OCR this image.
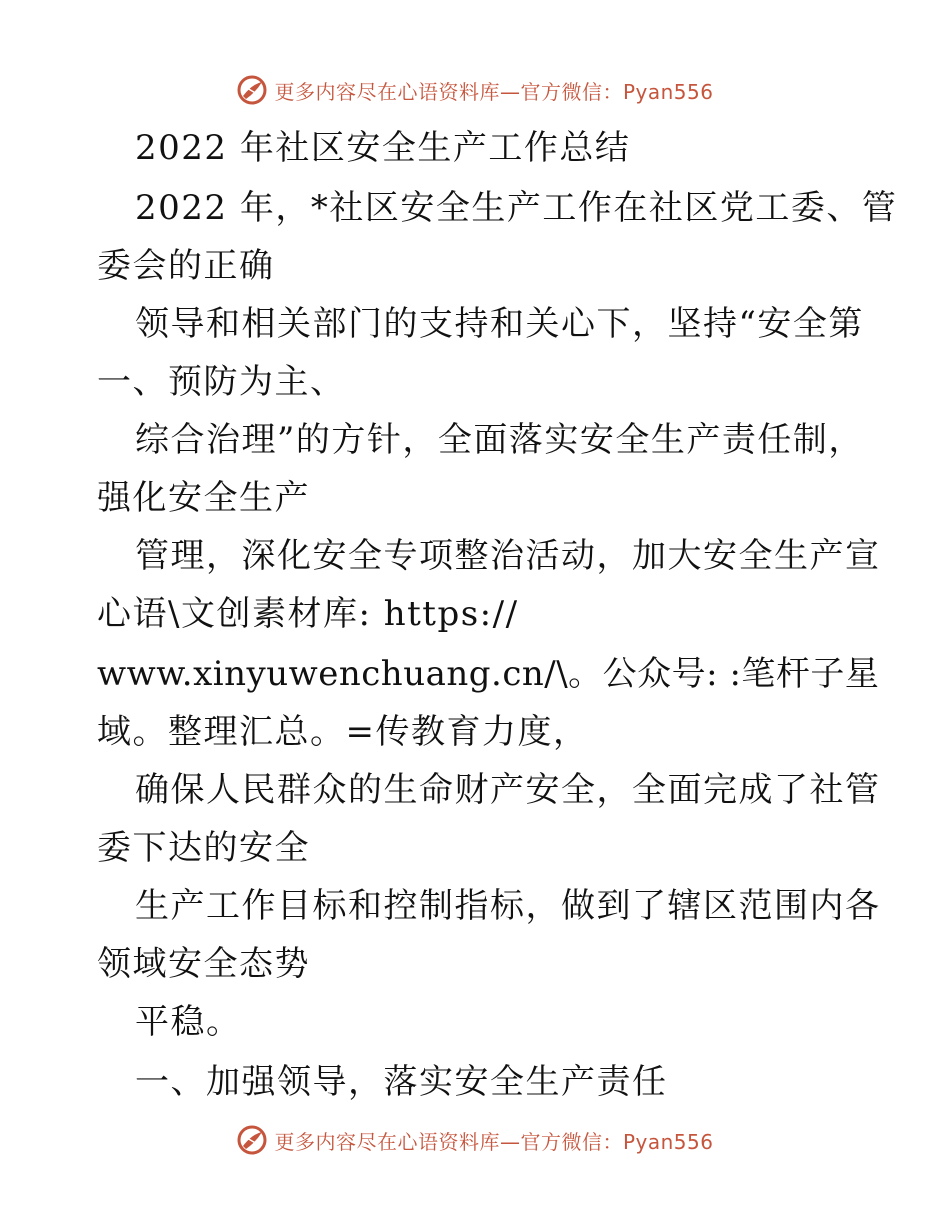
更多内容尽在心语资料库—官方微信：Pyan556
2022 年社区安全生产工作总结
2022 年，*社区安全生产工作在社区党工委、管
委会的正确
领导和相关部门的支持和关心下，坚持“安全第
一、预防为主、
综合治理”的方针，全面落实安全生产责任制，
强化安全生产
管理，深化安全专项整治活动，加大安全生产宣
心语\文创素材库: https://
www.xinyuwenchuang.cn/\。公众号: :笔杆子星
域。整理汇总。=传教育力度，
确保人民群众的生命财产安全，全面完成了社管
委下达的安全
生产工作目标和控制指标，做到了辖区范围内各
领域安全态势
平稳。
一、加强领导，落实安全生产责任
更多内容尽在心语资料库—官方微信：Pyan556
